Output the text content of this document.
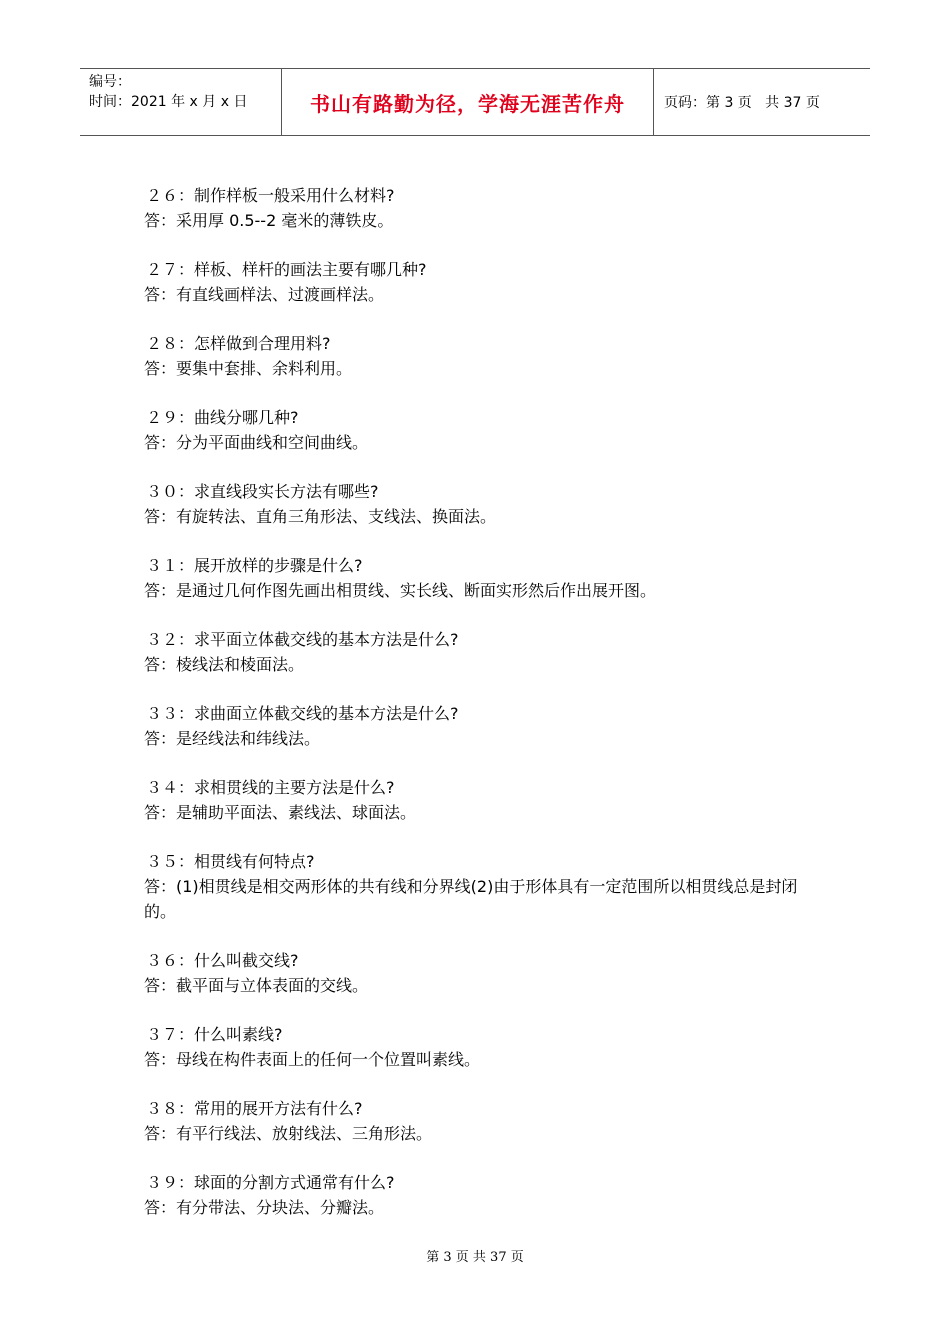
编号：
时间：2021 年 x 月 x 日	书山有路勤为径，学海无涯苦作舟	页码：第 3 页   共 37 页
２６：制作样板一般采用什么材料?
答：采用厚 0.5--2 毫米的薄铁皮。
２７：样板、样杆的画法主要有哪几种?
答：有直线画样法、过渡画样法。
２８：怎样做到合理用料?
答：要集中套排、余料利用。
２９：曲线分哪几种?
答：分为平面曲线和空间曲线。
３０：求直线段实长方法有哪些?
答：有旋转法、直角三角形法、支线法、换面法。
３１：展开放样的步骤是什么?
答：是通过几何作图先画出相贯线、实长线、断面实形然后作出展开图。
３２：求平面立体截交线的基本方法是什么?
答：棱线法和棱面法。
３３：求曲面立体截交线的基本方法是什么?
答：是经线法和纬线法。
３４：求相贯线的主要方法是什么?
答：是辅助平面法、素线法、球面法。
３５：相贯线有何特点?
答：(1)相贯线是相交两形体的共有线和分界线(2)由于形体具有一定范围所以相贯线总是封闭的。
３６：什么叫截交线?
答：截平面与立体表面的交线。
３７：什么叫素线?
答：母线在构件表面上的任何一个位置叫素线。
３８：常用的展开方法有什么?
答：有平行线法、放射线法、三角形法。
３９：球面的分割方式通常有什么?
答：有分带法、分块法、分瓣法。
第 3 页 共 37 页
